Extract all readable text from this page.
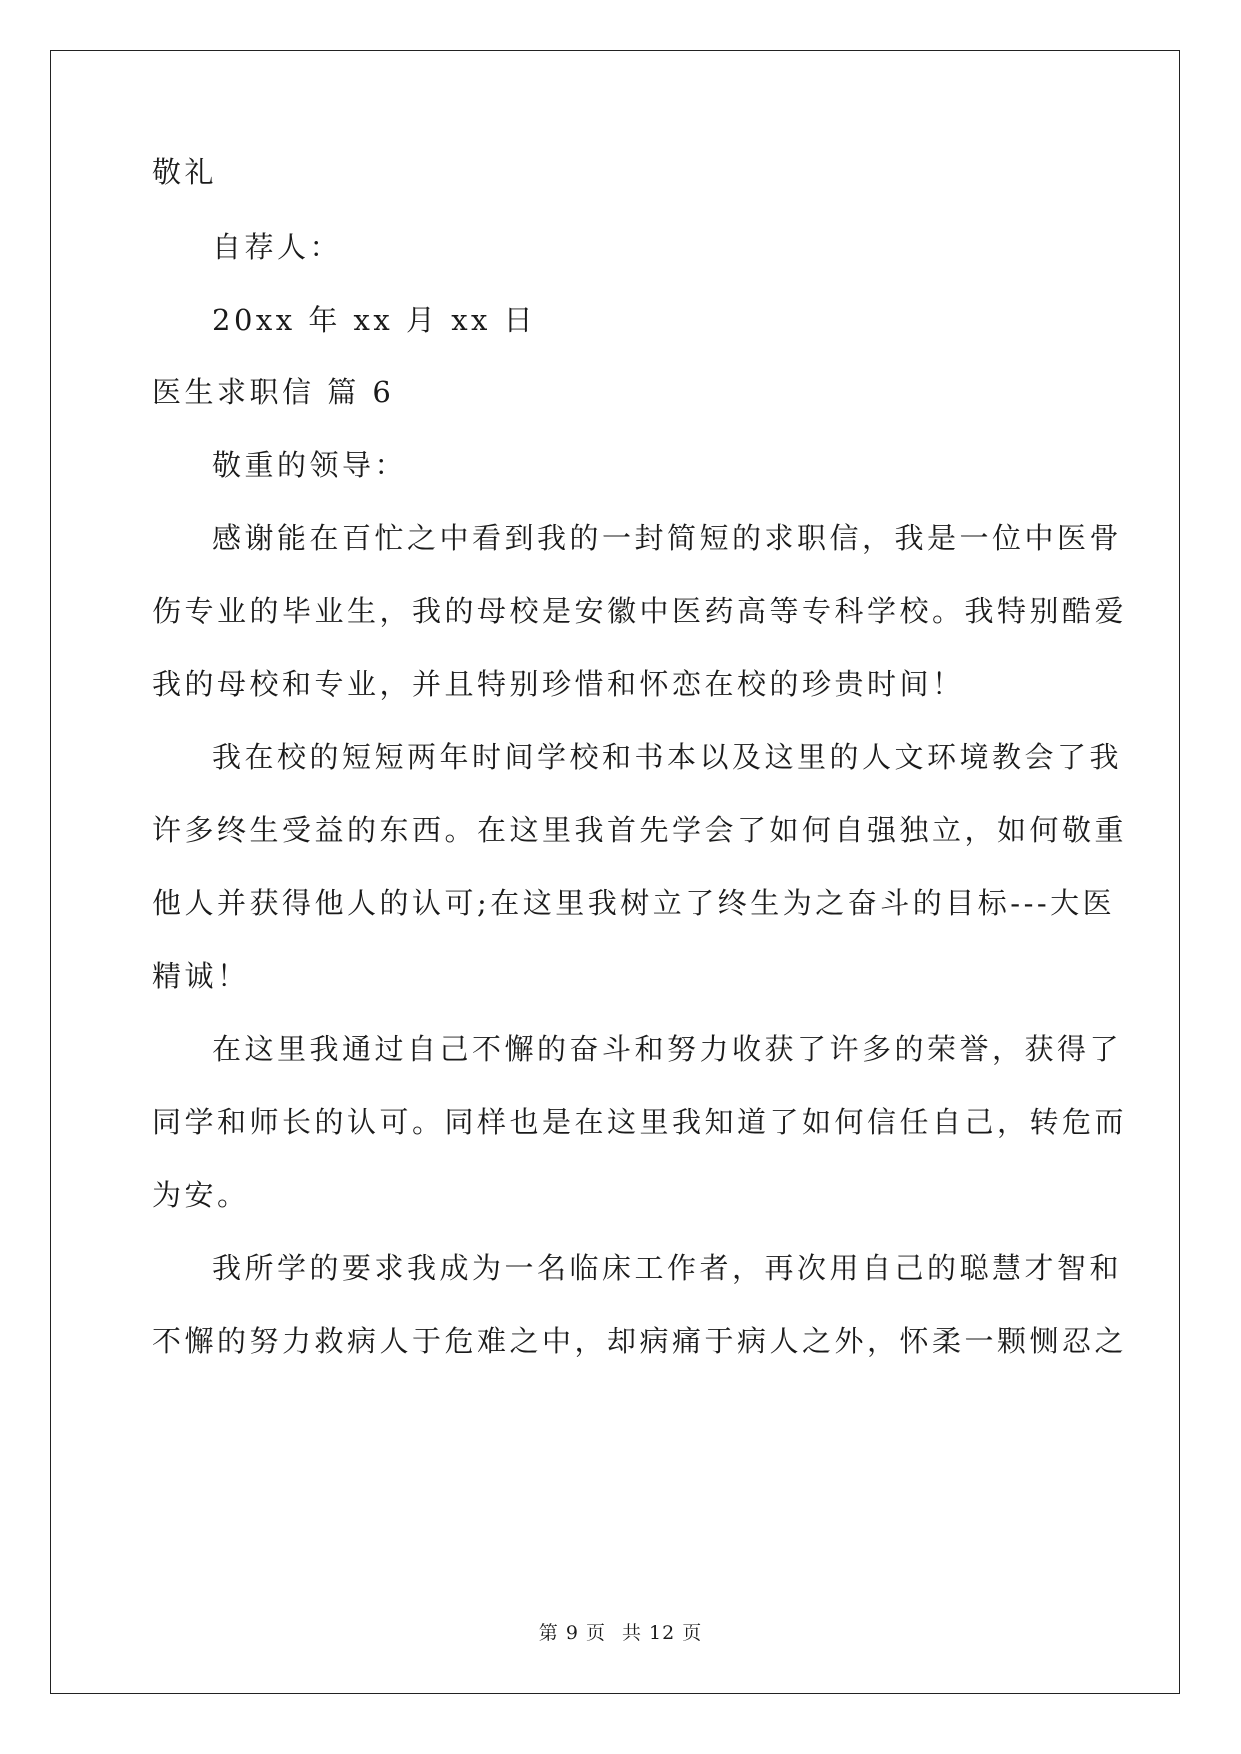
敬礼
自荐人：
20xx 年 xx 月 xx 日
医生求职信 篇 6
敬重的领导：
感谢能在百忙之中看到我的一封简短的求职信，我是一位中医骨
伤专业的毕业生，我的母校是安徽中医药高等专科学校。我特别酷爱
我的母校和专业，并且特别珍惜和怀恋在校的珍贵时间！
我在校的短短两年时间学校和书本以及这里的人文环境教会了我
许多终生受益的东西。在这里我首先学会了如何自强独立，如何敬重
他人并获得他人的认可;在这里我树立了终生为之奋斗的目标---大医
精诚！
在这里我通过自己不懈的奋斗和努力收获了许多的荣誉，获得了
同学和师长的认可。同样也是在这里我知道了如何信任自己，转危而
为安。
我所学的要求我成为一名临床工作者，再次用自己的聪慧才智和
不懈的努力救病人于危难之中，却病痛于病人之外，怀柔一颗恻忍之
第 9 页 共 12 页
